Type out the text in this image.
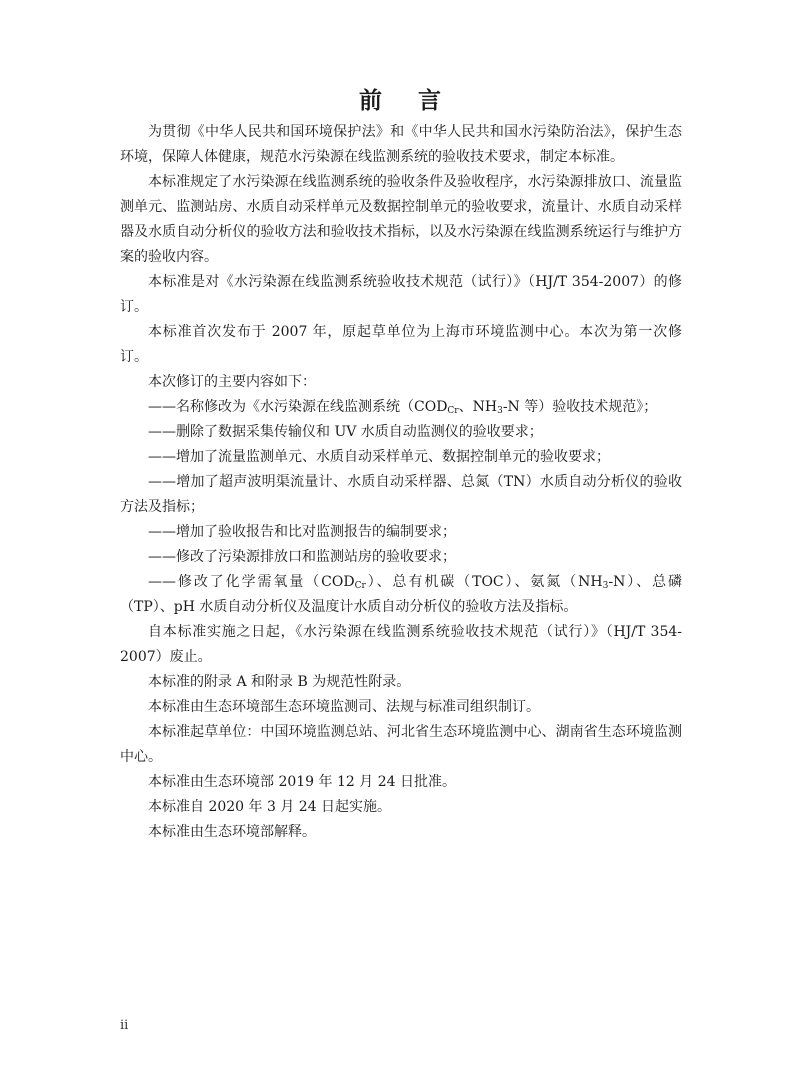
前 言

为贯彻《中华人民共和国环境保护法》和《中华人民共和国水污染防治法》，保护生态环境，保障人体健康，规范水污染源在线监测系统的验收技术要求，制定本标准。

本标准规定了水污染源在线监测系统的验收条件及验收程序，水污染源排放口、流量监测单元、监测站房、水质自动采样单元及数据控制单元的验收要求，流量计、水质自动采样器及水质自动分析仪的验收方法和验收技术指标，以及水污染源在线监测系统运行与维护方案的验收内容。

本标准是对《水污染源在线监测系统验收技术规范（试行）》（HJ/T 354-2007）的修订。

本标准首次发布于 2007 年，原起草单位为上海市环境监测中心。本次为第一次修订。

本次修订的主要内容如下：

——名称修改为《水污染源在线监测系统（$COD_{Cr}$、$NH_3-N$ 等）验收技术规范》；

——删除了数据采集传输仪和 UV 水质自动监测仪的验收要求；

——增加了流量监测单元、水质自动采样单元、数据控制单元的验收要求；

——增加了超声波明渠流量计、水质自动采样器、总氮（TN）水质自动分析仪的验收方法及指标；

——增加了验收报告和比对监测报告的编制要求；

——修改了污染源排放口和监测站房的验收要求；

——修改了化学需氧量$(COD_{Cr})$、总有机碳（TOC）、氨氮$(NH_3-N)$、总磷（TP）、pH 水质自动分析仪及温度计水质自动分析仪的验收方法及指标。

自本标准实施之日起，《水污染源在线监测系统验收技术规范（试行）》（HJ/T 354-2007）废止。

本标准的附录 A 和附录 B 为规范性附录。

本标准由生态环境部生态环境监测司、法规与标准司组织制订。

本标准起草单位：中国环境监测总站、河北省生态环境监测中心、湖南省生态环境监测中心。

本标准由生态环境部 2019 年 12 月 24 日批准。

本标准自 2020 年 3 月 24 日起实施。

本标准由生态环境部解释。

ii
